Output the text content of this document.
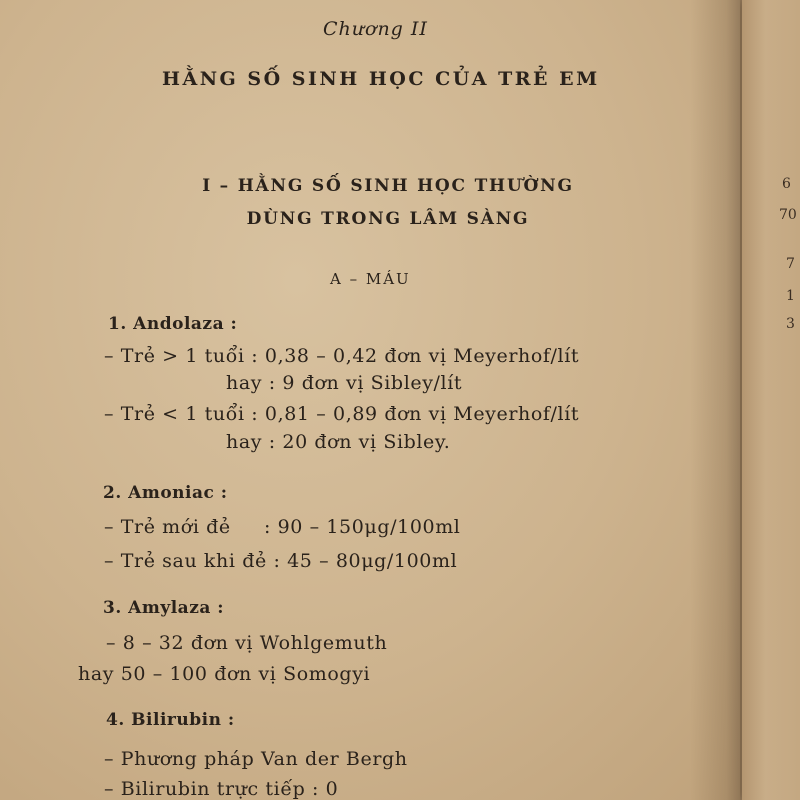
Chương II
HẰNG SỐ SINH HỌC CỦA TRẺ EM
I – HẰNG SỐ SINH HỌC THƯỜNG
DÙNG TRONG LÂM SÀNG
A – MÁU
1. Andolaza :
– Trẻ > 1 tuổi : 0,38 – 0,42 đơn vị Meyerhof/lít
hay : 9 đơn vị Sibley/lít
– Trẻ < 1 tuổi : 0,81 – 0,89 đơn vị Meyerhof/lít
hay : 20 đơn vị Sibley.
2. Amoniac :
– Trẻ mới đẻ     : 90 – 150μg/100ml
– Trẻ sau khi đẻ : 45 – 80μg/100ml
3. Amylaza :
– 8 – 32 đơn vị Wohlgemuth
hay 50 – 100 đơn vị Somogyi
4. Bilirubin :
– Phương pháp Van der Bergh
– Bilirubin trực tiếp : 0
6
70
7
1
3
